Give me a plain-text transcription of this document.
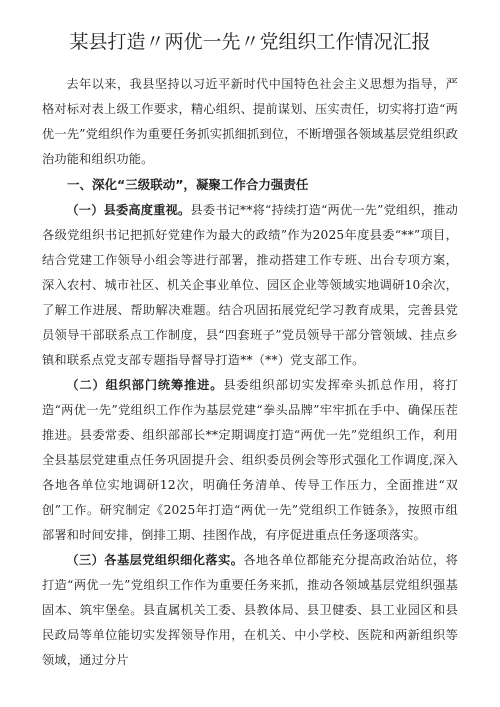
某县打造〃两优一先〃党组织工作情况汇报

去年以来，我县坚持以习近平新时代中国特色社会主义思想为指导，严格对标对表上级工作要求，精心组织、提前谋划、压实责任，切实将打造“两优一先”党组织作为重要任务抓实抓细抓到位，不断增强各领域基层党组织政治功能和组织功能。

一、深化“三级联动”，凝聚工作合力强责任

（一）县委高度重视。县委书记**将“持续打造“两优一先”党组织，推动各级党组织书记把抓好党建作为最大的政绩”作为2025年度县委“**”项目，结合党建工作领导小组会等进行部署，推动搭建工作专班、出台专项方案，深入农村、城市社区、机关企事业单位、园区企业等领域实地调研10余次，了解工作进展、帮助解决难题。结合巩固拓展党纪学习教育成果，完善县党员领导干部联系点工作制度，县“四套班子”党员领导干部分管领域、挂点乡镇和联系点党支部专题指导督导打造**（**）党支部工作。

（二）组织部门统筹推进。县委组织部切实发挥牵头抓总作用，将打造“两优一先”党组织工作作为基层党建“拳头品牌”牢牢抓在手中、确保压茬推进。县委常委、组织部部长**定期调度打造“两优一先”党组织工作，利用全县基层党建重点任务巩固提升会、组织委员例会等形式强化工作调度,深入各地各单位实地调研12次，明确任务清单、传导工作压力，全面推进“双创”工作。研究制定《2025年打造“两优一先”党组织工作链条》，按照市组部署和时间安排，倒排工期、挂图作战，有序促进重点任务逐项落实。

（三）各基层党组织细化落实。各地各单位都能充分提高政治站位，将打造“两优一先”党组织工作作为重要任务来抓，推动各领域基层党组织强基固本、筑牢堡垒。县直属机关工委、县教体局、县卫健委、县工业园区和县民政局等单位能切实发挥领导作用，在机关、中小学校、医院和两新组织等领域，通过分片
